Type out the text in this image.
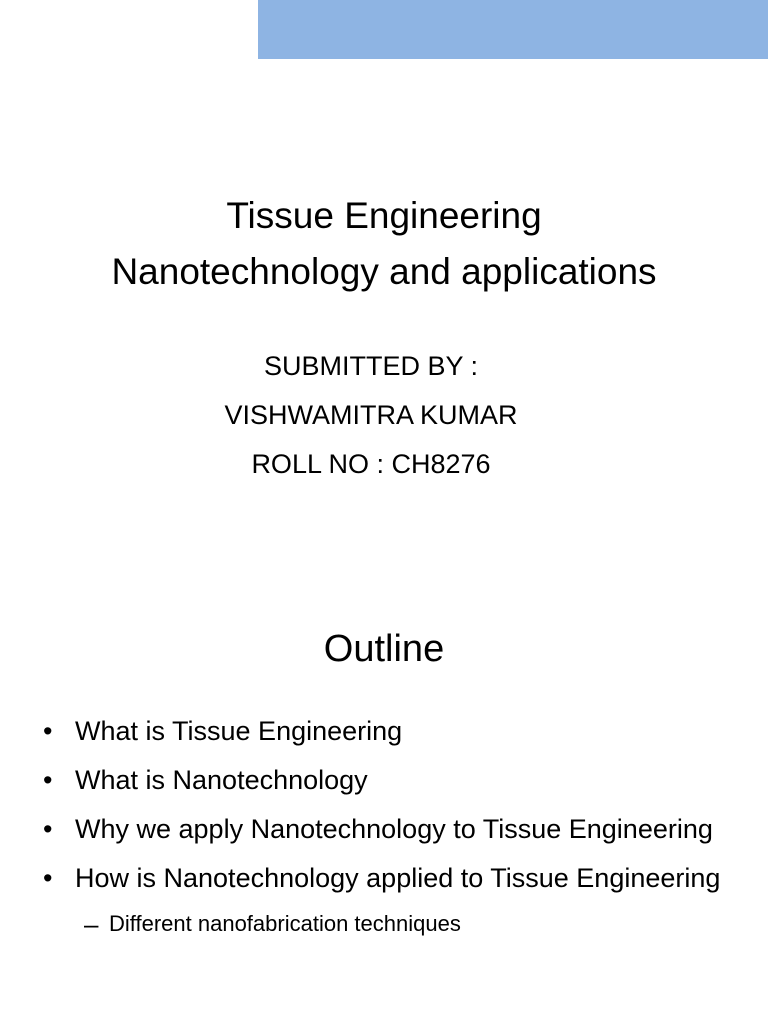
Tissue Engineering
Nanotechnology and applications
SUBMITTED BY :
VISHWAMITRA KUMAR
ROLL NO : CH8276
Outline
• What is Tissue Engineering
• What is Nanotechnology
• Why we apply Nanotechnology to Tissue Engineering
• How is Nanotechnology applied to Tissue Engineering
– Different nanofabrication techniques
